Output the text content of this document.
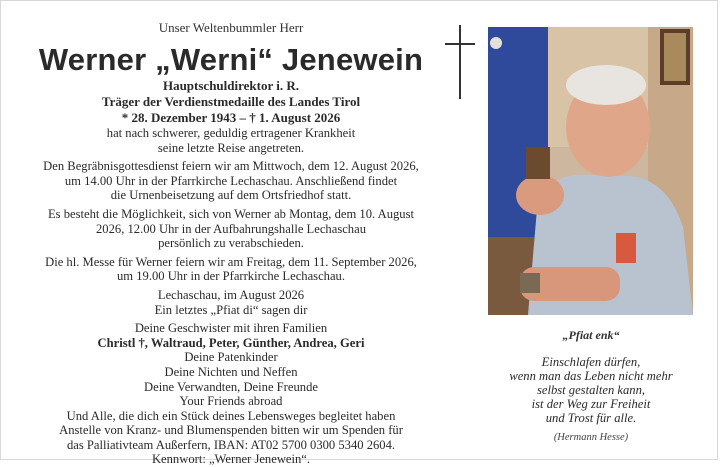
Unser Weltenbummler Herr
Werner „Werni“ Jenewein
Hauptschuldirektor i. R.
Träger der Verdienstmedaille des Landes Tirol
* 28. Dezember 1943 – † 1. August 2026
hat nach schwerer, geduldig ertragener Krankheit
seine letzte Reise angetreten.
Den Begräbnisgottesdienst feiern wir am Mittwoch, dem 12. August 2026,
um 14.00 Uhr in der Pfarrkirche Lechaschau. Anschließend findet
die Urnenbeisetzung auf dem Ortsfriedhof statt.
Es besteht die Möglichkeit, sich von Werner ab Montag, dem 10. August
2026, 12.00 Uhr in der Aufbahrungshalle Lechaschau
persönlich zu verabschieden.
Die hl. Messe für Werner feiern wir am Freitag, dem 11. September 2026,
um 19.00 Uhr in der Pfarrkirche Lechaschau.
Lechaschau, im August 2026
Ein letztes „Pfiat di“ sagen dir
Deine Geschwister mit ihren Familien
Christl †, Waltraud, Peter, Günther, Andrea, Geri
Deine Patenkinder
Deine Nichten und Neffen
Deine Verwandten, Deine Freunde
Your Friends abroad
Und Alle, die dich ein Stück deines Lebensweges begleitet haben
Anstelle von Kranz- und Blumenspenden bitten wir um Spenden für
das Palliativteam Außerfern, IBAN: AT02 5700 0300 5340 2604.
Kennwort: „Werner Jenewein“.
„Pfiat enk“
Einschlafen dürfen,
wenn man das Leben nicht mehr
selbst gestalten kann,
ist der Weg zur Freiheit
und Trost für alle.
(Hermann Hesse)
